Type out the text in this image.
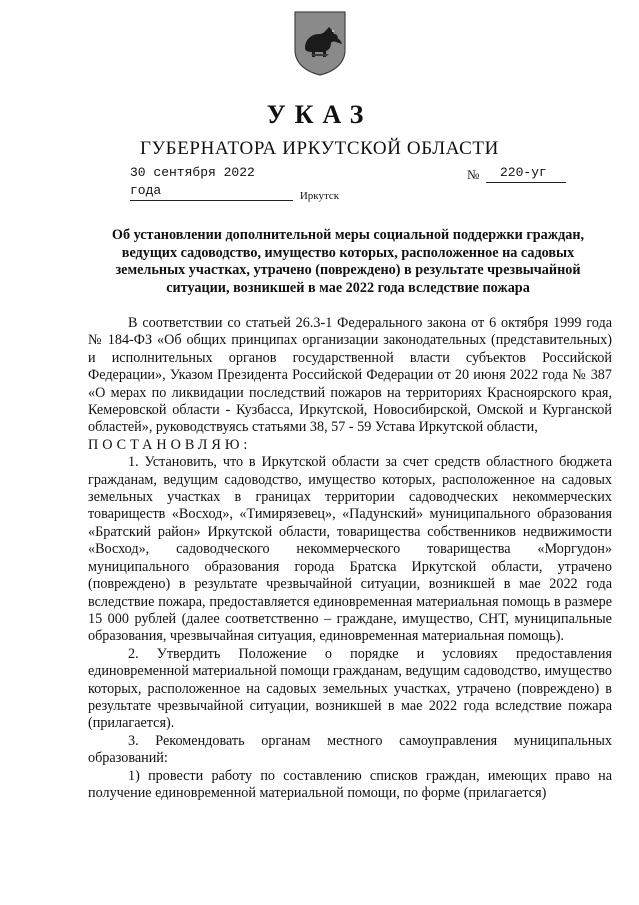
УКАЗ
ГУБЕРНАТОРА ИРКУТСКОЙ ОБЛАСТИ
30 сентября 2022 года
№	220-уг
Иркутск
Об установлении дополнительной меры социальной поддержки граждан, ведущих садоводство, имущество которых, расположенное на садовых земельных участках, утрачено (повреждено) в результате чрезвычайной ситуации, возникшей в мае 2022 года вследствие пожара

В соответствии со статьей 26.3-1 Федерального закона от 6 октября 1999 года № 184-ФЗ «Об общих принципах организации законодательных (представительных) и исполнительных органов государственной власти субъектов Российской Федерации», Указом Президента Российской Федерации от 20 июня 2022 года № 387 «О мерах по ликвидации последствий пожаров на территориях Красноярского края, Кемеровской области - Кузбасса, Иркутской, Новосибирской, Омской и Курганской областей», руководствуясь статьями 38, 57 - 59 Устава Иркутской области,

ПОСТАНОВЛЯЮ:

1. Установить, что в Иркутской области за счет средств областного бюджета гражданам, ведущим садоводство, имущество которых, расположенное на садовых земельных участках в границах территории садоводческих некоммерческих товариществ «Восход», «Тимирязевец», «Падунский» муниципального образования «Братский район» Иркутской области, товарищества собственников недвижимости «Восход», садоводческого некоммерческого товарищества «Моргудон» муниципального образования города Братска Иркутской области, утрачено (повреждено) в результате чрезвычайной ситуации, возникшей в мае 2022 года вследствие пожара, предоставляется единовременная материальная помощь в размере 15 000 рублей (далее соответственно – граждане, имущество, СНТ, муниципальные образования, чрезвычайная ситуация, единовременная материальная помощь).

2. Утвердить Положение о порядке и условиях предоставления единовременной материальной помощи гражданам, ведущим садоводство, имущество которых, расположенное на садовых земельных участках, утрачено (повреждено) в результате чрезвычайной ситуации, возникшей в мае 2022 года вследствие пожара (прилагается).

3. Рекомендовать органам местного самоуправления муниципальных образований:

1) провести работу по составлению списков граждан, имеющих право на получение единовременной материальной помощи, по форме (прилагается)
